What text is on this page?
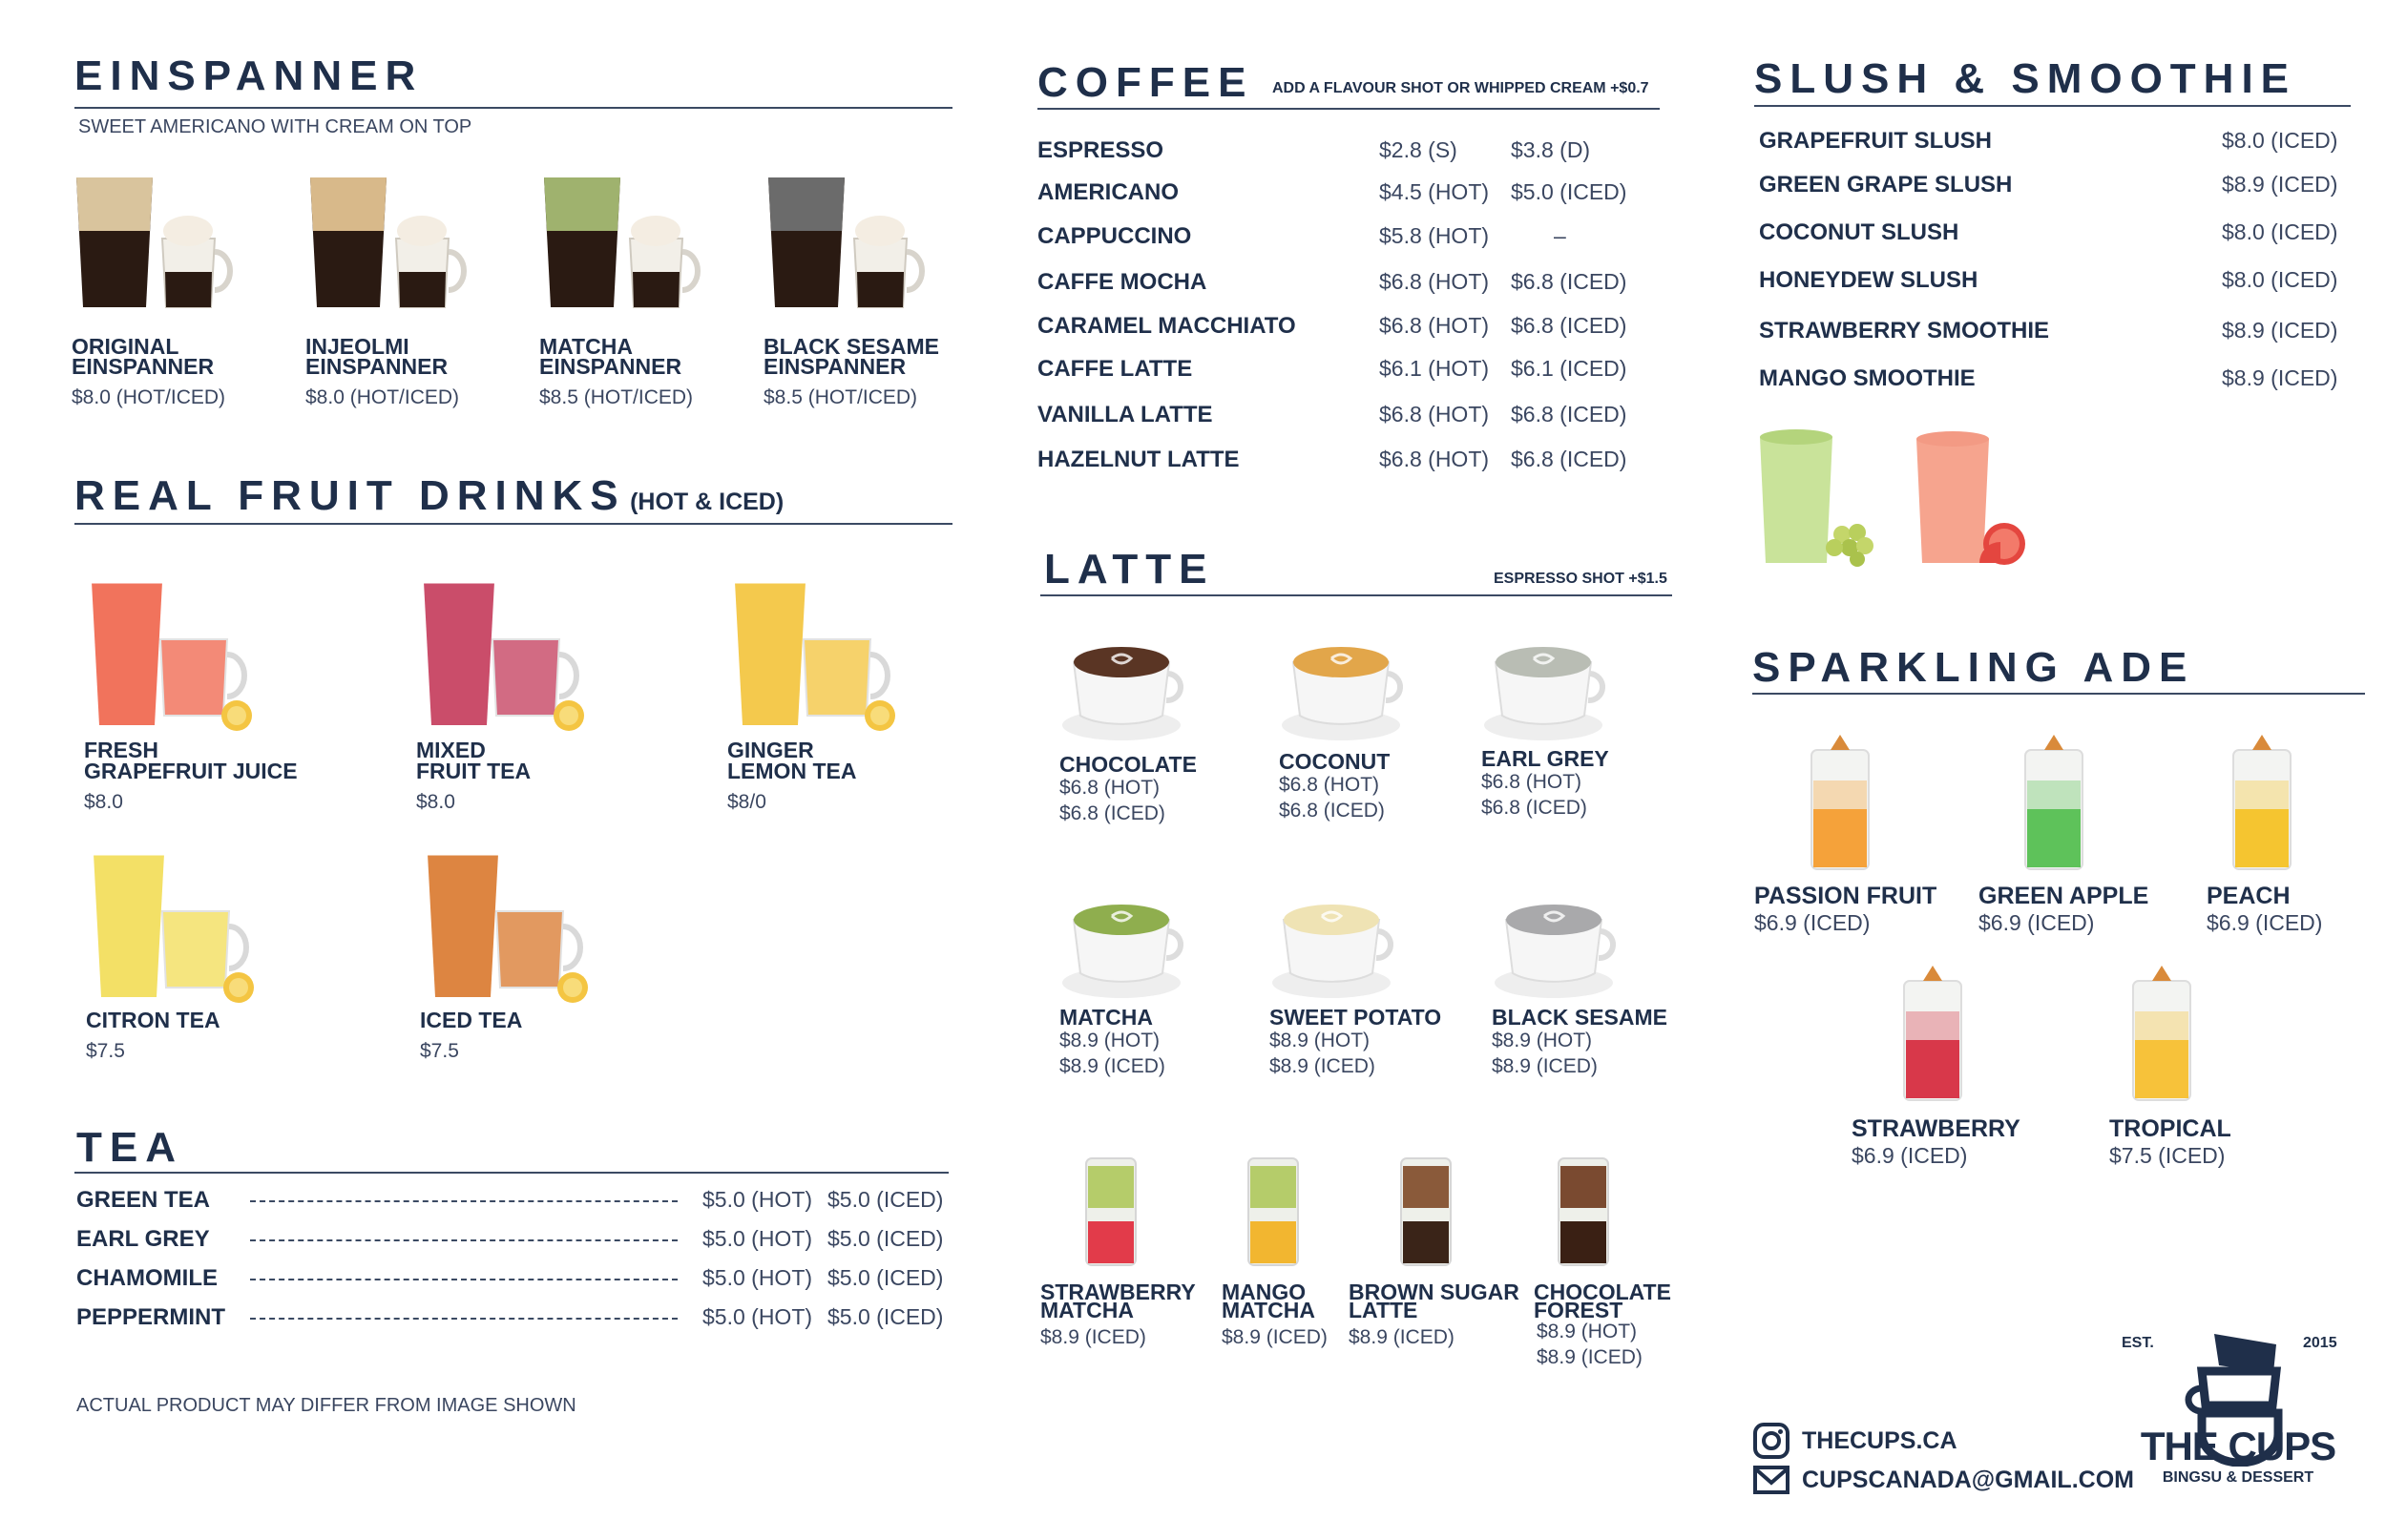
EINSPANNER
SWEET AMERICANO WITH CREAM ON TOP
ORIGINAL
EINSPANNER
$8.0 (HOT/ICED)
INJEOLMI
EINSPANNER
$8.0 (HOT/ICED)
MATCHA
EINSPANNER
$8.5 (HOT/ICED)
BLACK SESAME
EINSPANNER
$8.5 (HOT/ICED)
REAL FRUIT DRINKS (HOT & ICED)
FRESH
GRAPEFRUIT JUICE
$8.0
MIXED
FRUIT TEA
$8.0
GINGER
LEMON TEA
$8/0
CITRON TEA
$7.5
ICED TEA
$7.5
TEA
GREEN TEA	$5.0 (HOT) $5.0 (ICED)
EARL GREY	$5.0 (HOT) $5.0 (ICED)
CHAMOMILE	$5.0 (HOT) $5.0 (ICED)
PEPPERMINT	$5.0 (HOT) $5.0 (ICED)
ACTUAL PRODUCT MAY DIFFER FROM IMAGE SHOWN
COFFEE ADD A FLAVOUR SHOT OR WHIPPED CREAM +$0.7
ESPRESSO	$2.8 (S) $3.8 (D)
AMERICANO	$4.5 (HOT) $5.0 (ICED)
CAPPUCCINO	$5.8 (HOT)	–
CAFFE MOCHA	$6.8 (HOT) $6.8 (ICED)
CARAMEL MACCHIATO	$6.8 (HOT) $6.8 (ICED)
CAFFE LATTE	$6.1 (HOT) $6.1 (ICED)
VANILLA LATTE	$6.8 (HOT) $6.8 (ICED)
HAZELNUT LATTE	$6.8 (HOT) $6.8 (ICED)
LATTE	ESPRESSO SHOT +$1.5
CHOCOLATE
$6.8 (HOT)
$6.8 (ICED)
COCONUT
$6.8 (HOT)
$6.8 (ICED)
EARL GREY
$6.8 (HOT)
$6.8 (ICED)
MATCHA
$8.9 (HOT)
$8.9 (ICED)
SWEET POTATO
$8.9 (HOT)
$8.9 (ICED)
BLACK SESAME
$8.9 (HOT)
$8.9 (ICED)
STRAWBERRY
MATCHA
$8.9 (ICED)
MANGO
MATCHA
$8.9 (ICED)
BROWN SUGAR
LATTE
$8.9 (ICED)
CHOCOLATE
FOREST
$8.9 (HOT)
$8.9 (ICED)
SLUSH & SMOOTHIE
GRAPEFRUIT SLUSH	$8.0 (ICED)
GREEN GRAPE SLUSH	$8.9 (ICED)
COCONUT SLUSH	$8.0 (ICED)
HONEYDEW SLUSH	$8.0 (ICED)
STRAWBERRY SMOOTHIE	$8.9 (ICED)
MANGO SMOOTHIE	$8.9 (ICED)
SPARKLING ADE
PASSION FRUIT
$6.9 (ICED)
GREEN APPLE
$6.9 (ICED)
PEACH
$6.9 (ICED)
STRAWBERRY
$6.9 (ICED)
TROPICAL
$7.5 (ICED)
THECUPS.CA
CUPSCANADA@GMAIL.COM
EST.	2015
THE CUPS
BINGSU & DESSERT
